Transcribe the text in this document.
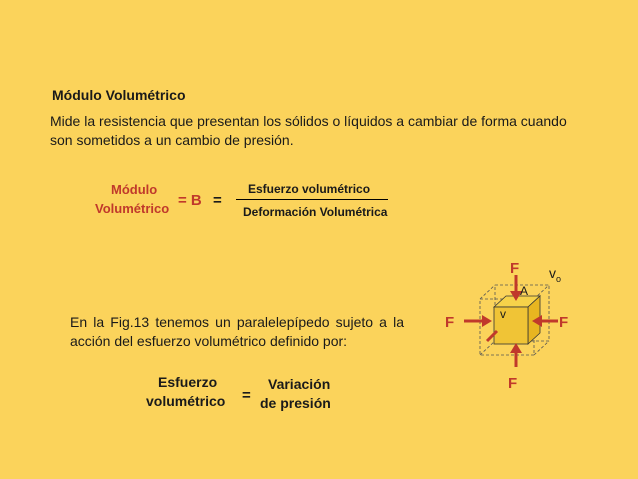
Módulo Volumétrico
Mide la resistencia que presentan los sólidos o líquidos a cambiar de forma cuando son sometidos a un cambio de presión.
Módulo
Volumétrico = B =
Esfuerzo volumétrico
Deformación Volumétrica
En la Fig.13 tenemos un paralelepípedo sujeto a la acción del esfuerzo volumétrico definido por:
Esfuerzo
volumétrico =
Variación
de presión
F
F	F
F
$v_o$
A
v
